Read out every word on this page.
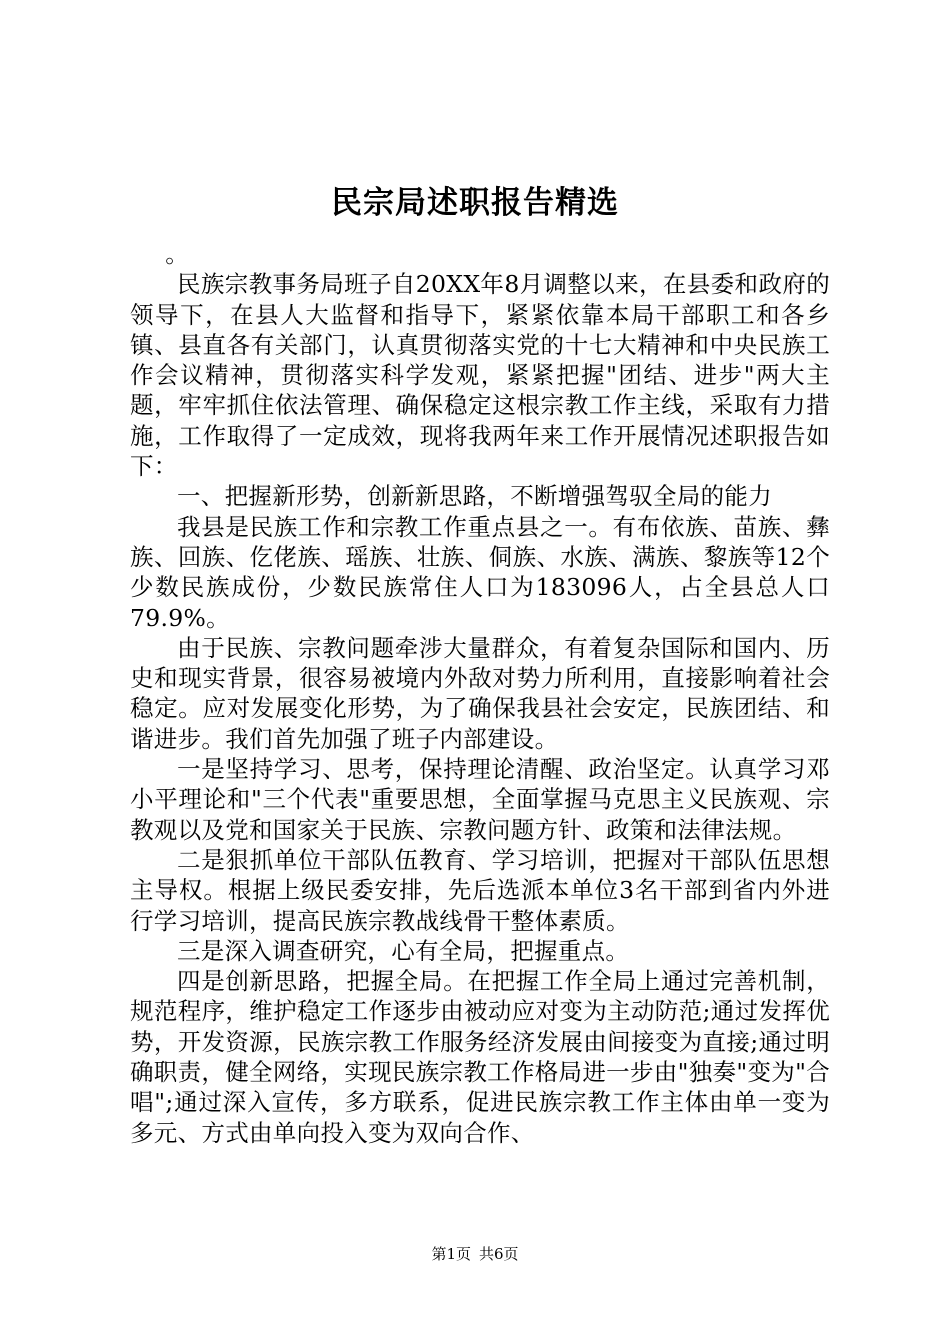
民宗局述职报告精选

。

民族宗教事务局班子自20XX年8月调整以来，在县委和政府的领导下，在县人大监督和指导下，紧紧依靠本局干部职工和各乡镇、县直各有关部门，认真贯彻落实党的十七大精神和中央民族工作会议精神，贯彻落实科学发观，紧紧把握"团结、进步"两大主题，牢牢抓住依法管理、确保稳定这根宗教工作主线，采取有力措施，工作取得了一定成效，现将我两年来工作开展情况述职报告如下：

一、把握新形势，创新新思路，不断增强驾驭全局的能力

我县是民族工作和宗教工作重点县之一。有布依族、苗族、彝族、回族、仡佬族、瑶族、壮族、侗族、水族、满族、黎族等12个少数民族成份，少数民族常住人口为183096人，占全县总人口79.9%。

由于民族、宗教问题牵涉大量群众，有着复杂国际和国内、历史和现实背景，很容易被境内外敌对势力所利用，直接影响着社会稳定。应对发展变化形势，为了确保我县社会安定，民族团结、和谐进步。我们首先加强了班子内部建设。

一是坚持学习、思考，保持理论清醒、政治坚定。认真学习邓小平理论和"三个代表"重要思想，全面掌握马克思主义民族观、宗教观以及党和国家关于民族、宗教问题方针、政策和法律法规。

二是狠抓单位干部队伍教育、学习培训，把握对干部队伍思想主导权。根据上级民委安排，先后选派本单位3名干部到省内外进行学习培训，提高民族宗教战线骨干整体素质。

三是深入调查研究，心有全局，把握重点。

四是创新思路，把握全局。在把握工作全局上通过完善机制，规范程序，维护稳定工作逐步由被动应对变为主动防范;通过发挥优势，开发资源，民族宗教工作服务经济发展由间接变为直接;通过明确职责，健全网络，实现民族宗教工作格局进一步由"独奏"变为"合唱";通过深入宣传，多方联系，促进民族宗教工作主体由单一变为多元、方式由单向投入变为双向合作、

第1页 共6页
